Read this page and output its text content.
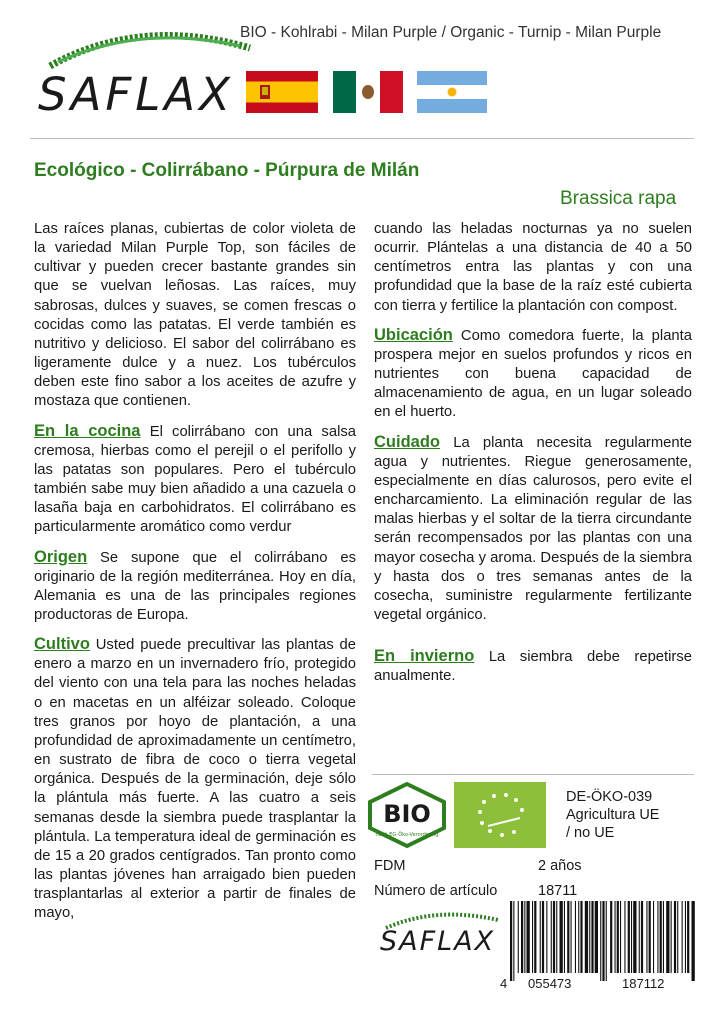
SAFLAX
BIO - Kohlrabi - Milan Purple / Organic - Turnip - Milan Purple
Ecológico - Colirrábano - Púrpura de Milán
Brassica rapa

Las raíces planas, cubiertas de color violeta de la variedad Milan Purple Top, son fáciles de cultivar y pueden crecer bastante grandes sin que se vuelvan leñosas. Las raíces, muy sabrosas, dulces y suaves, se comen frescas o cocidas como las patatas. El verde también es nutritivo y delicioso. El sabor del colirrábano es ligeramente dulce y a nuez. Los tubérculos deben este fino sabor a los aceites de azufre y mostaza que contienen.

En la cocina El colirrábano con una salsa cremosa, hierbas como el perejil o el perifollo y las patatas son populares. Pero el tubérculo también sabe muy bien añadido a una cazuela o lasaña baja en carbohidratos. El colirrábano es particularmente aromático como verdur

Origen Se supone que el colirrábano es originario de la región mediterránea. Hoy en día, Alemania es una de las principales regiones productoras de Europa.

Cultivo Usted puede precultivar las plantas de enero a marzo en un invernadero frío, protegido del viento con una tela para las noches heladas o en macetas en un alféizar soleado. Coloque tres granos por hoyo de plantación, a una profundidad de aproximadamente un centímetro, en sustrato de fibra de coco o tierra vegetal orgánica. Después de la germinación, deje sólo la plántula más fuerte. A las cuatro a seis semanas desde la siembra puede trasplantar la plántula. La temperatura ideal de germinación es de 15 a 20 grados centígrados. Tan pronto como las plantas jóvenes han arraigado bien pueden trasplantarlas al exterior a partir de finales de mayo,

cuando las heladas nocturnas ya no suelen ocurrir. Plántelas a una distancia de 40 a 50 centímetros entra las plantas y con una profundidad que la base de la raíz esté cubierta con tierra y fertilice la plantación con compost.

Ubicación Como comedora fuerte, la planta prospera mejor en suelos profundos y ricos en nutrientes con buena capacidad de almacenamiento de agua, en un lugar soleado en el huerto.

Cuidado La planta necesita regularmente agua y nutrientes. Riegue generosamente, especialmente en días calurosos, pero evite el encharcamiento. La eliminación regular de las malas hierbas y el soltar de la tierra circundante serán recompensados por las plantas con una mayor cosecha y aroma. Después de la siembra y hasta dos o tres semanas antes de la cosecha, suministre regularmente fertilizante vegetal orgánico.

En invierno La siembra debe repetirse anualmente.

BIO
nach EG-Öko-Verordnung
DE-ÖKO-039
Agricultura UE
/ no UE
FDM	2 años
Número de artículo	18711
SAFLAX
4 055473	187112
